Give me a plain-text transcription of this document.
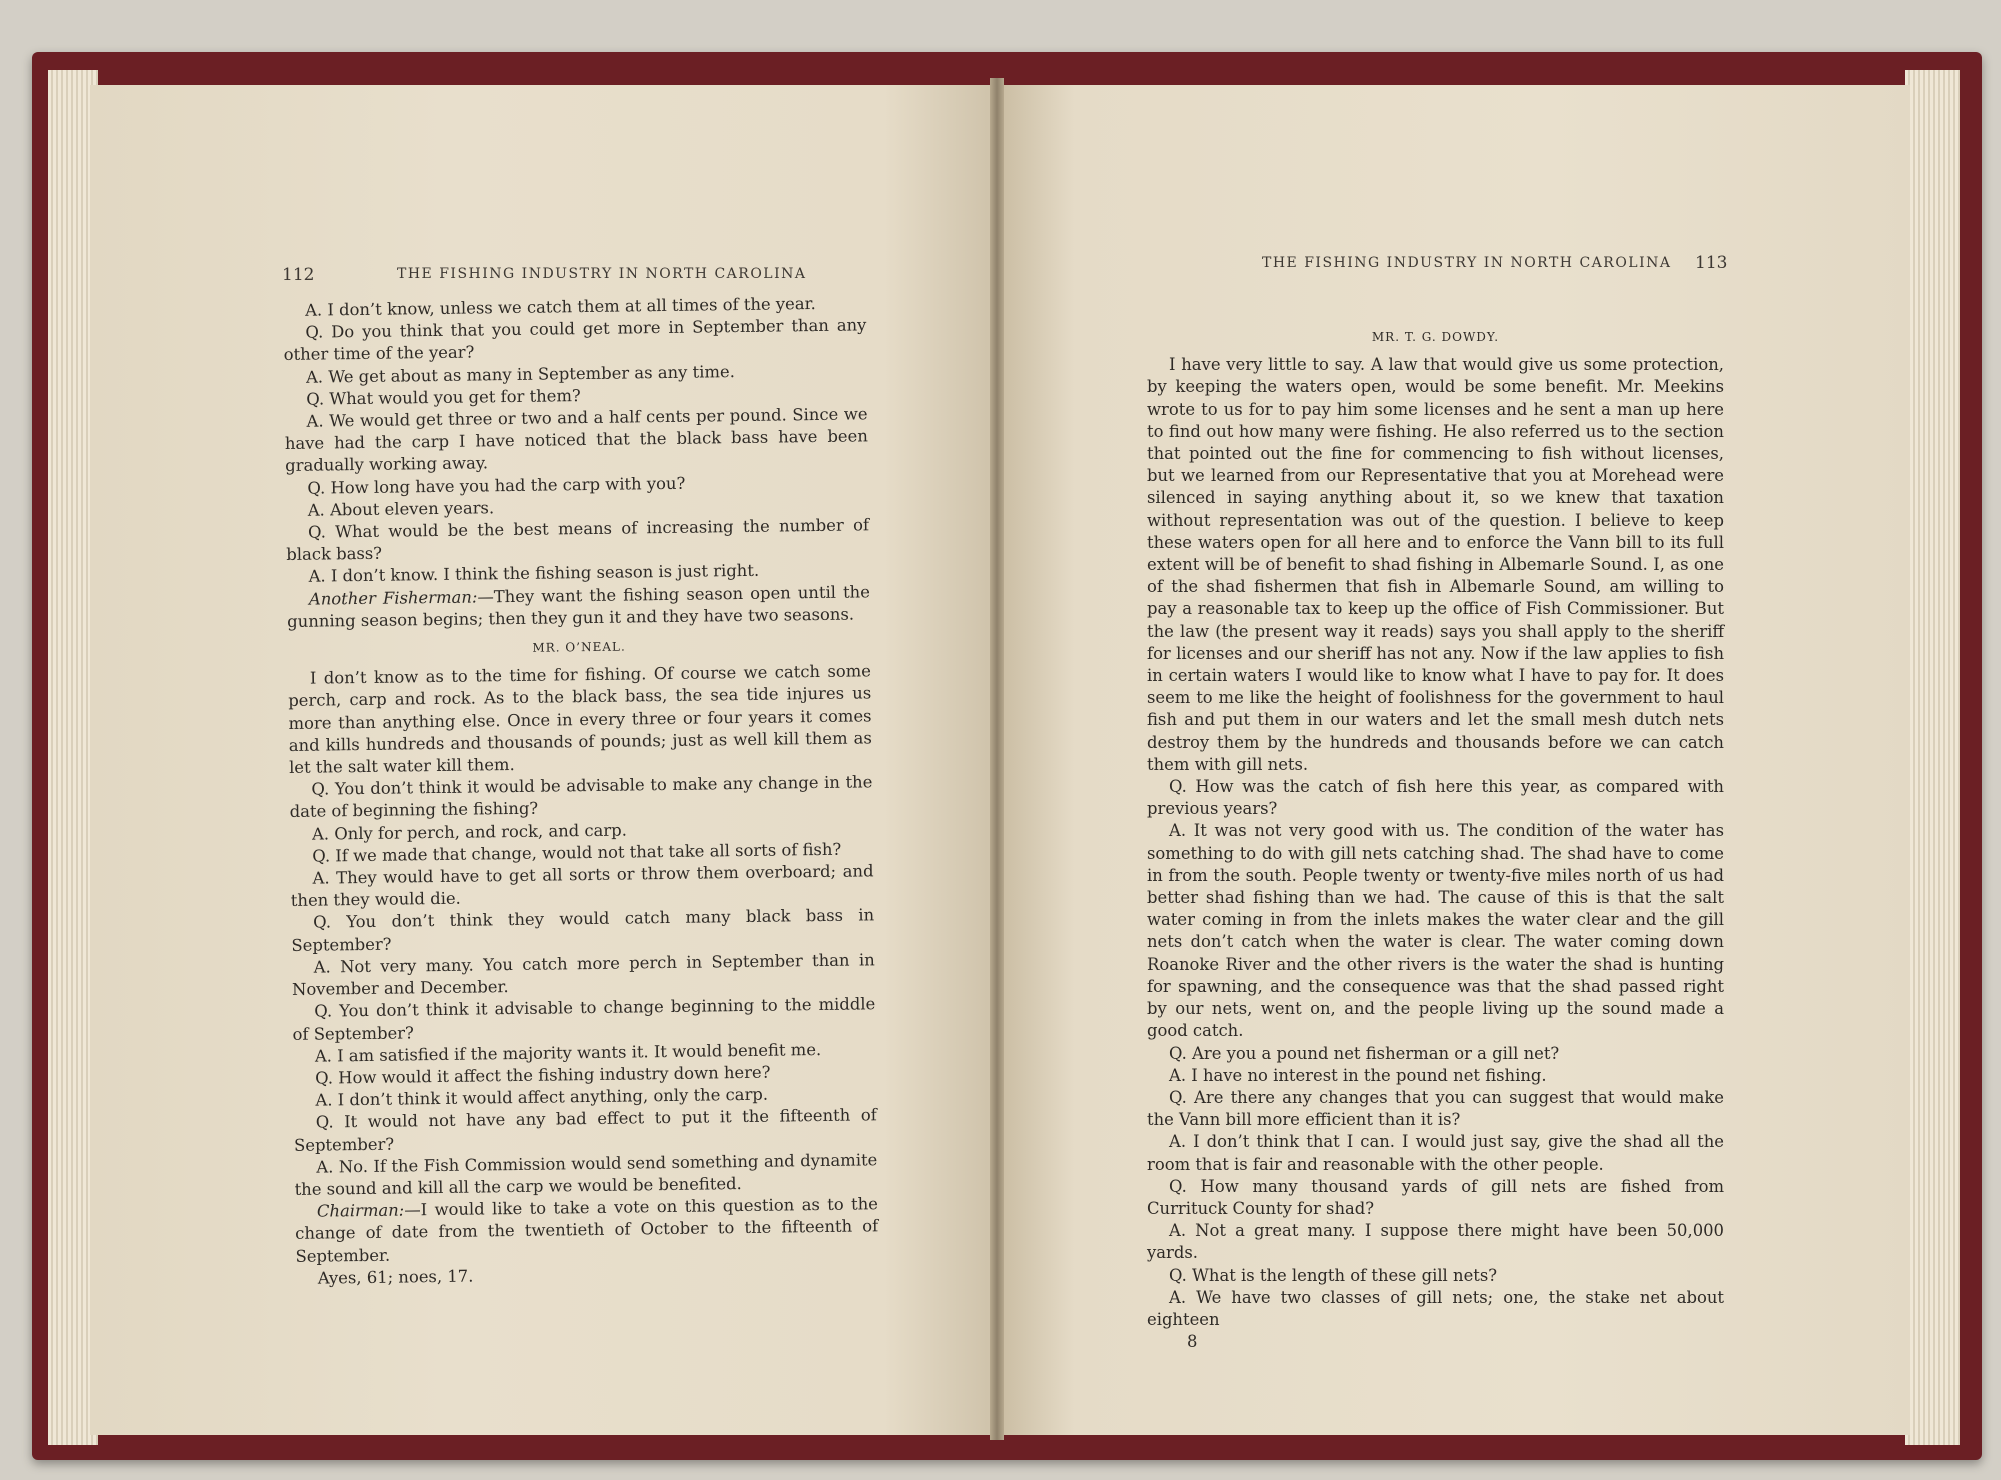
112	THE FISHING INDUSTRY IN NORTH CAROLINA
THE FISHING INDUSTRY IN NORTH CAROLINA 113

A. I don’t know, unless we catch them at all times of the year.

Q. Do you think that you could get more in September than any other time of the year?

A. We get about as many in September as any time.

Q. What would you get for them?

A. We would get three or two and a half cents per pound. Since we have had the carp I have noticed that the black bass have been gradually working away.

Q. How long have you had the carp with you?

A. About eleven years.

Q. What would be the best means of increasing the number of black bass?

A. I don’t know. I think the fishing season is just right.

Another Fisherman:—They want the fishing season open until the gunning season begins; then they gun it and they have two seasons.

MR. O’NEAL.

I don’t know as to the time for fishing. Of course we catch some perch, carp and rock. As to the black bass, the sea tide injures us more than anything else. Once in every three or four years it comes and kills hundreds and thousands of pounds; just as well kill them as let the salt water kill them.

Q. You don’t think it would be advisable to make any change in the date of beginning the fishing?

A. Only for perch, and rock, and carp.

Q. If we made that change, would not that take all sorts of fish?

A. They would have to get all sorts or throw them overboard; and then they would die.

Q. You don’t think they would catch many black bass in September?

A. Not very many. You catch more perch in September than in November and December.

Q. You don’t think it advisable to change beginning to the middle of September?

A. I am satisfied if the majority wants it. It would benefit me.

Q. How would it affect the fishing industry down here?

A. I don’t think it would affect anything, only the carp.

Q. It would not have any bad effect to put it the fifteenth of September?

A. No. If the Fish Commission would send something and dynamite the sound and kill all the carp we would be benefited.

Chairman:—I would like to take a vote on this question as to the change of date from the twentieth of October to the fifteenth of September.

Ayes, 61; noes, 17.

MR. T. G. DOWDY.

I have very little to say. A law that would give us some protection, by keeping the waters open, would be some benefit. Mr. Meekins wrote to us for to pay him some licenses and he sent a man up here to find out how many were fishing. He also referred us to the section that pointed out the fine for commencing to fish without licenses, but we learned from our Representative that you at Morehead were silenced in saying anything about it, so we knew that taxation without representation was out of the question. I believe to keep these waters open for all here and to enforce the Vann bill to its full extent will be of benefit to shad fishing in Albemarle Sound. I, as one of the shad fishermen that fish in Albemarle Sound, am willing to pay a reasonable tax to keep up the office of Fish Commissioner. But the law (the present way it reads) says you shall apply to the sheriff for licenses and our sheriff has not any. Now if the law applies to fish in certain waters I would like to know what I have to pay for. It does seem to me like the height of foolishness for the government to haul fish and put them in our waters and let the small mesh dutch nets destroy them by the hundreds and thousands before we can catch them with gill nets.

Q. How was the catch of fish here this year, as compared with previous years?

A. It was not very good with us. The condition of the water has something to do with gill nets catching shad. The shad have to come in from the south. People twenty or twenty-five miles north of us had better shad fishing than we had. The cause of this is that the salt water coming in from the inlets makes the water clear and the gill nets don’t catch when the water is clear. The water coming down Roanoke River and the other rivers is the water the shad is hunting for spawning, and the consequence was that the shad passed right by our nets, went on, and the people living up the sound made a good catch.

Q. Are you a pound net fisherman or a gill net?

A. I have no interest in the pound net fishing.

Q. Are there any changes that you can suggest that would make the Vann bill more efficient than it is?

A. I don’t think that I can. I would just say, give the shad all the room that is fair and reasonable with the other people.

Q. How many thousand yards of gill nets are fished from Currituck County for shad?

A. Not a great many. I suppose there might have been 50,000 yards.

Q. What is the length of these gill nets?

A. We have two classes of gill nets; one, the stake net about eighteen

8
